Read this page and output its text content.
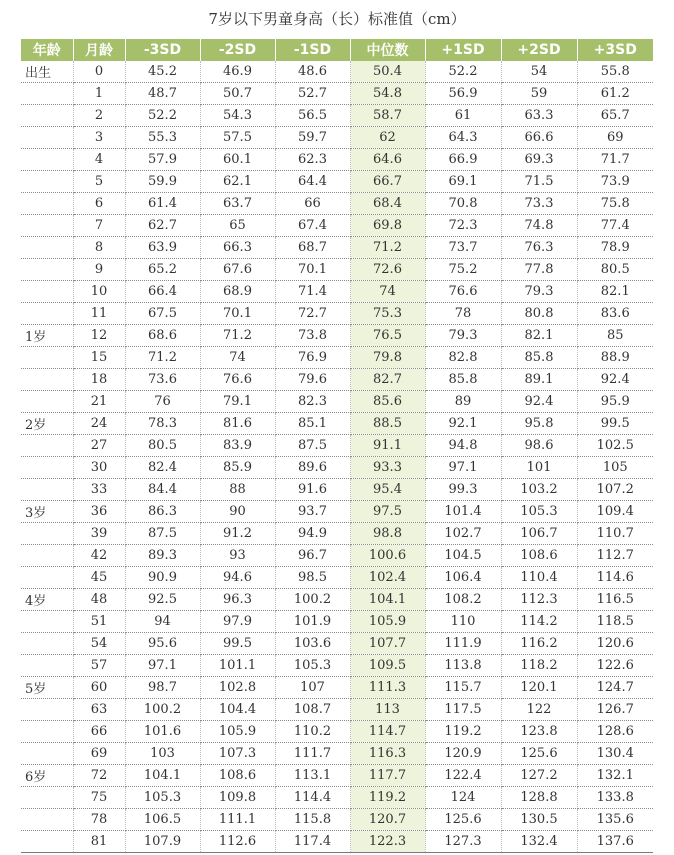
7岁以下男童身高（长）标准值（cm）
年龄	月龄	-3SD	-2SD	-1SD	中位数	+1SD	+2SD	+3SD
出生	0	45.2	46.9	48.6	50.4	52.2	54	55.8
	1	48.7	50.7	52.7	54.8	56.9	59	61.2
	2	52.2	54.3	56.5	58.7	61	63.3	65.7
	3	55.3	57.5	59.7	62	64.3	66.6	69
	4	57.9	60.1	62.3	64.6	66.9	69.3	71.7
	5	59.9	62.1	64.4	66.7	69.1	71.5	73.9
	6	61.4	63.7	66	68.4	70.8	73.3	75.8
	7	62.7	65	67.4	69.8	72.3	74.8	77.4
	8	63.9	66.3	68.7	71.2	73.7	76.3	78.9
	9	65.2	67.6	70.1	72.6	75.2	77.8	80.5
	10	66.4	68.9	71.4	74	76.6	79.3	82.1
	11	67.5	70.1	72.7	75.3	78	80.8	83.6
1岁	12	68.6	71.2	73.8	76.5	79.3	82.1	85
	15	71.2	74	76.9	79.8	82.8	85.8	88.9
	18	73.6	76.6	79.6	82.7	85.8	89.1	92.4
	21	76	79.1	82.3	85.6	89	92.4	95.9
2岁	24	78.3	81.6	85.1	88.5	92.1	95.8	99.5
	27	80.5	83.9	87.5	91.1	94.8	98.6	102.5
	30	82.4	85.9	89.6	93.3	97.1	101	105
	33	84.4	88	91.6	95.4	99.3	103.2	107.2
3岁	36	86.3	90	93.7	97.5	101.4	105.3	109.4
	39	87.5	91.2	94.9	98.8	102.7	106.7	110.7
	42	89.3	93	96.7	100.6	104.5	108.6	112.7
	45	90.9	94.6	98.5	102.4	106.4	110.4	114.6
4岁	48	92.5	96.3	100.2	104.1	108.2	112.3	116.5
	51	94	97.9	101.9	105.9	110	114.2	118.5
	54	95.6	99.5	103.6	107.7	111.9	116.2	120.6
	57	97.1	101.1	105.3	109.5	113.8	118.2	122.6
5岁	60	98.7	102.8	107	111.3	115.7	120.1	124.7
	63	100.2	104.4	108.7	113	117.5	122	126.7
	66	101.6	105.9	110.2	114.7	119.2	123.8	128.6
	69	103	107.3	111.7	116.3	120.9	125.6	130.4
6岁	72	104.1	108.6	113.1	117.7	122.4	127.2	132.1
	75	105.3	109.8	114.4	119.2	124	128.8	133.8
	78	106.5	111.1	115.8	120.7	125.6	130.5	135.6
	81	107.9	112.6	117.4	122.3	127.3	132.4	137.6
